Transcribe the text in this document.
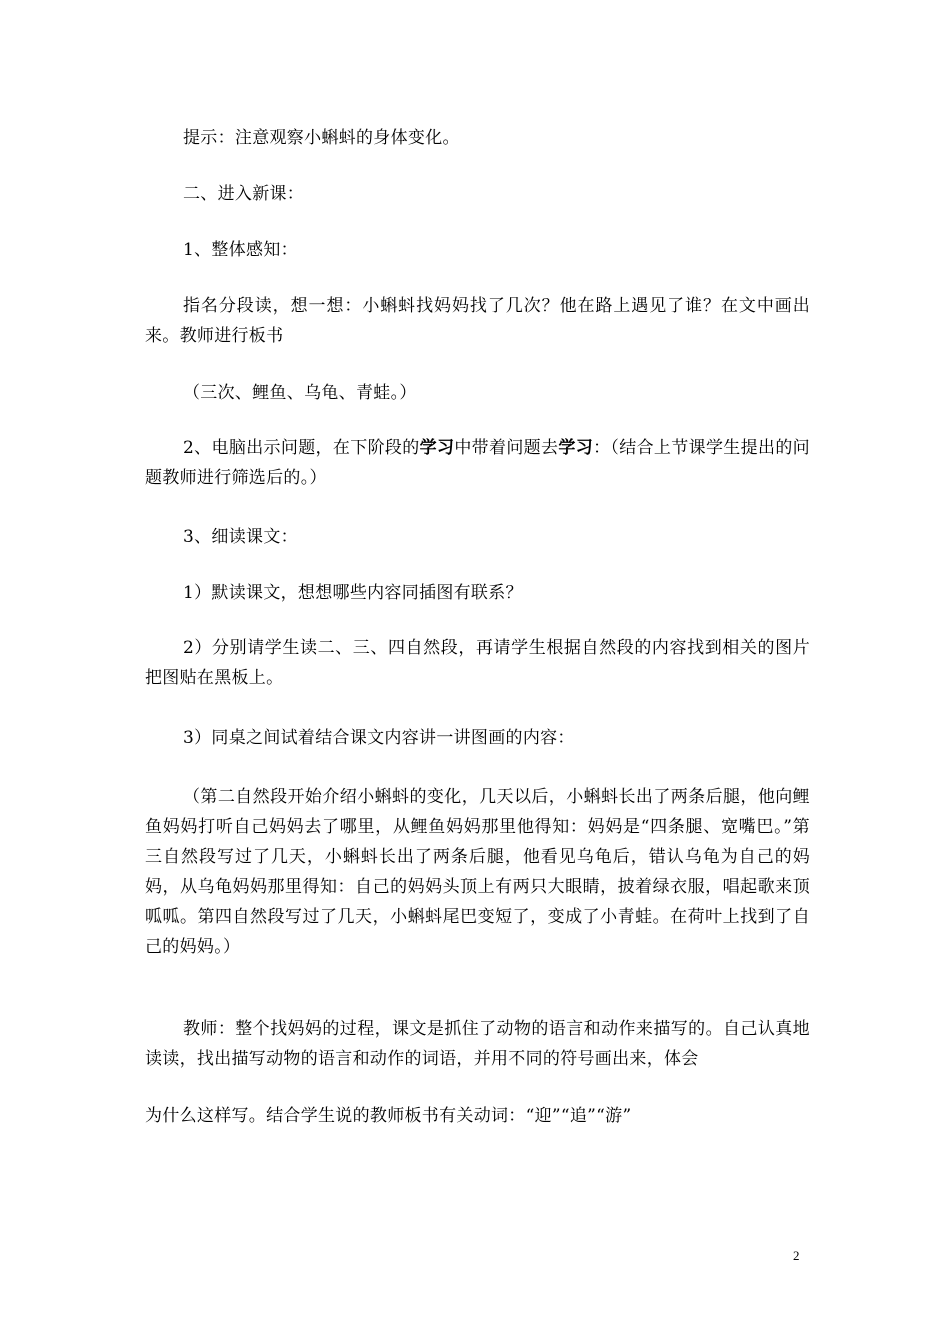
提示：注意观察小蝌蚪的身体变化。
二、进入新课：
1、整体感知：
指名分段读，想一想：小蝌蚪找妈妈找了几次？他在路上遇见了谁？在文中画出来。教师进行板书
（三次、鲤鱼、乌龟、青蛙。）
2、电脑出示问题，在下阶段的学习中带着问题去学习：（结合上节课学生提出的问题教师进行筛选后的。）
3、细读课文：
1）默读课文，想想哪些内容同插图有联系？
2）分别请学生读二、三、四自然段，再请学生根据自然段的内容找到相关的图片把图贴在黑板上。
3）同桌之间试着结合课文内容讲一讲图画的内容：
（第二自然段开始介绍小蝌蚪的变化，几天以后，小蝌蚪长出了两条后腿，他向鲤鱼妈妈打听自己妈妈去了哪里，从鲤鱼妈妈那里他得知：妈妈是“四条腿、宽嘴巴。”第三自然段写过了几天，小蝌蚪长出了两条后腿，他看见乌龟后，错认乌龟为自己的妈妈，从乌龟妈妈那里得知：自己的妈妈头顶上有两只大眼睛，披着绿衣服，唱起歌来顶呱呱。第四自然段写过了几天，小蝌蚪尾巴变短了，变成了小青蛙。在荷叶上找到了自己的妈妈。）
教师：整个找妈妈的过程，课文是抓住了动物的语言和动作来描写的。自己认真地读读，找出描写动物的语言和动作的词语，并用不同的符号画出来，体会
为什么这样写。结合学生说的教师板书有关动词：“迎”“追”“游”
2
